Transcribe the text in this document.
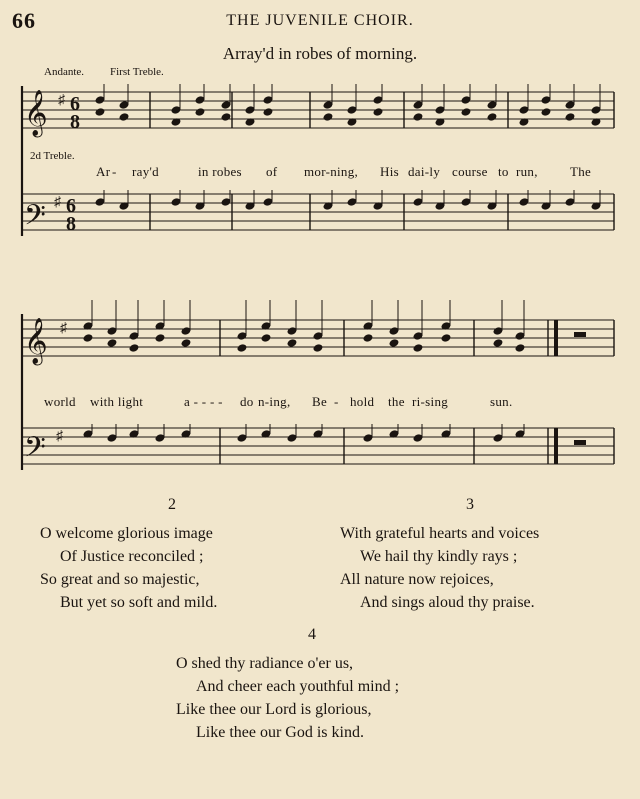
66	THE JUVENILE CHOIR.
Array'd in robes of morning.
Andante. First Treble.
2d Treble.
𝄞
𝄢
𝄞
𝄢
♯
♯
♯
♯
6
8
6
8
Ar - ray'd	in robes of mor-ning, His dai-ly course to run, The
world with light	a - - - - do n-ing, Be - hold the ri-sing	sun.
2	3
O welcome glorious image
Of Justice reconciled ;
So great and so majestic,
But yet so soft and mild.
With grateful hearts and voices
We hail thy kindly rays ;
All nature now rejoices,
And sings aloud thy praise.
4
O shed thy radiance o'er us,
And cheer each youthful mind ;
Like thee our Lord is glorious,
Like thee our God is kind.
